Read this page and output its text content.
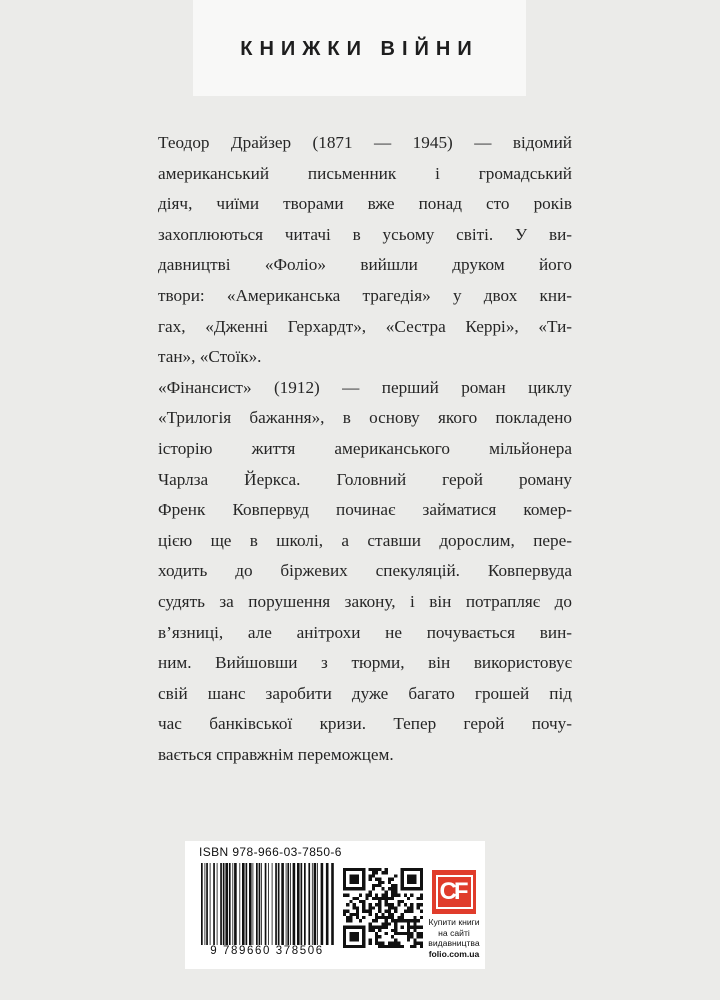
КНИЖКИ ВІЙНИ

Теодор Драйзер (1871 — 1945) — відомий
американський письменник і громадський
діяч, чиїми творами вже понад сто років
захоплюються читачі в усьому світі. У ви-
давництві «Фоліо» вийшли друком його
твори: «Американська трагедія» у двох кни-
гах, «Дженні Герхардт», «Сестра Керрі», «Ти-
тан», «Стоїк».

«Фінансист» (1912) — перший роман циклу
«Трилогія бажання», в основу якого покладено
історію життя американського мільйонера
Чарлза Йеркса. Головний герой роману
Френк Ковпервуд починає займатися комер-
цією ще в школі, а ставши дорослим, пере-
ходить до біржевих спекуляцій. Ковпервуда
судять за порушення закону, і він потрапляє до
в’язниці, але анітрохи не почувається вин-
ним. Вийшовши з тюрми, він використовує
свій шанс заробити дуже багато грошей під
час банківської кризи. Тепер герой почу-
вається справжнім переможцем.

ISBN 978-966-03-7850-6
9 789660 378506
CF
Купити книги
на сайті
видавництва
folio.com.ua
